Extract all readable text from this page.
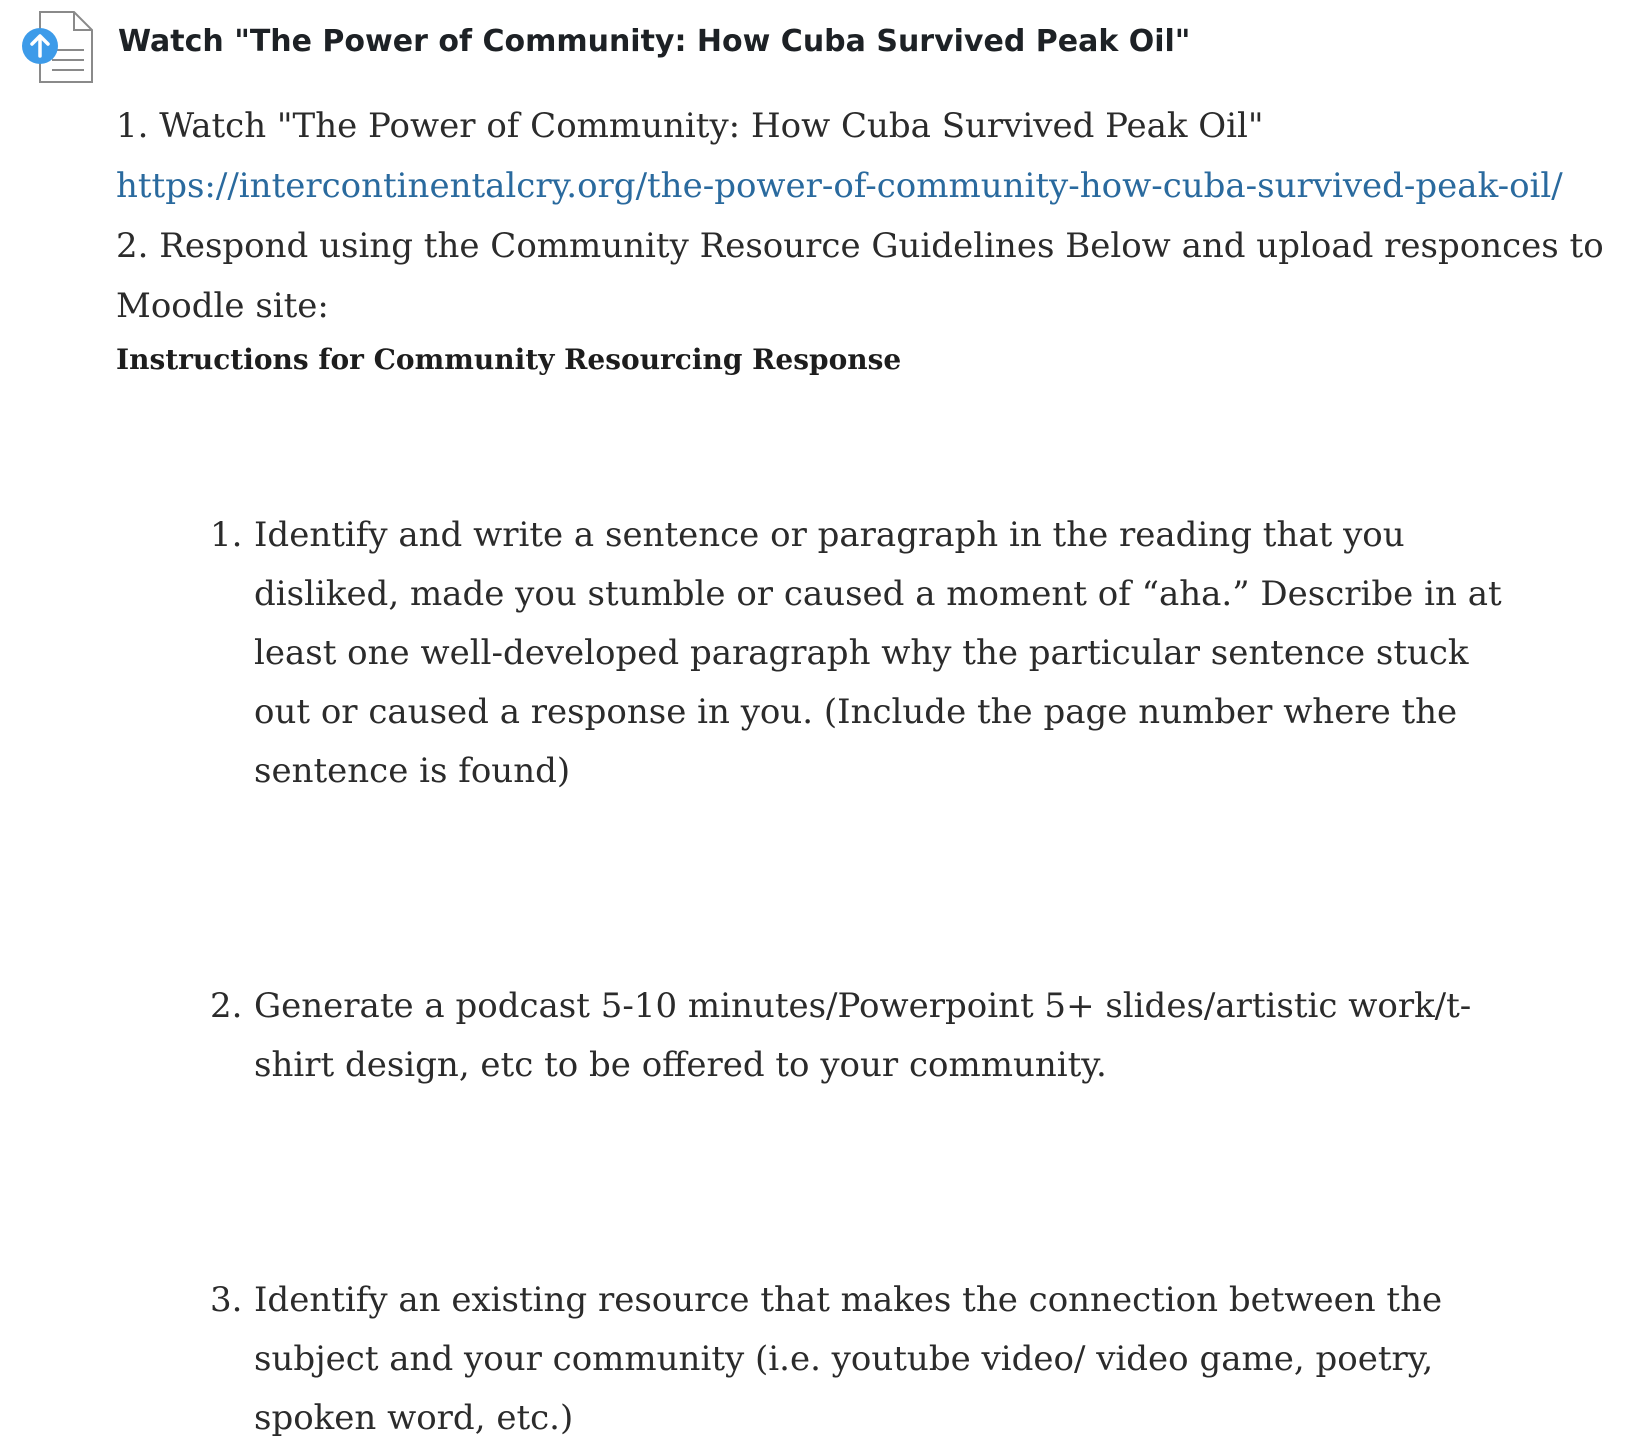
Watch "The Power of Community: How Cuba Survived Peak Oil"
1. Watch "The Power of Community: How Cuba Survived Peak Oil"
https://intercontinentalcry.org/the-power-of-community-how-cuba-survived-peak-oil/
2. Respond using the Community Resource Guidelines Below and upload responces to Moodle site:
Instructions for Community Resourcing Response
1. Identify and write a sentence or paragraph in the reading that you disliked, made you stumble or caused a moment of “aha.” Describe in at least one well-developed paragraph why the particular sentence stuck out or caused a response in you. (Include the page number where the sentence is found)
2. Generate a podcast 5-10 minutes/Powerpoint 5+ slides/artistic work/t-shirt design, etc to be offered to your community.
3. Identify an existing resource that makes the connection between the subject and your community (i.e. youtube video/ video game, poetry, spoken word, etc.)
